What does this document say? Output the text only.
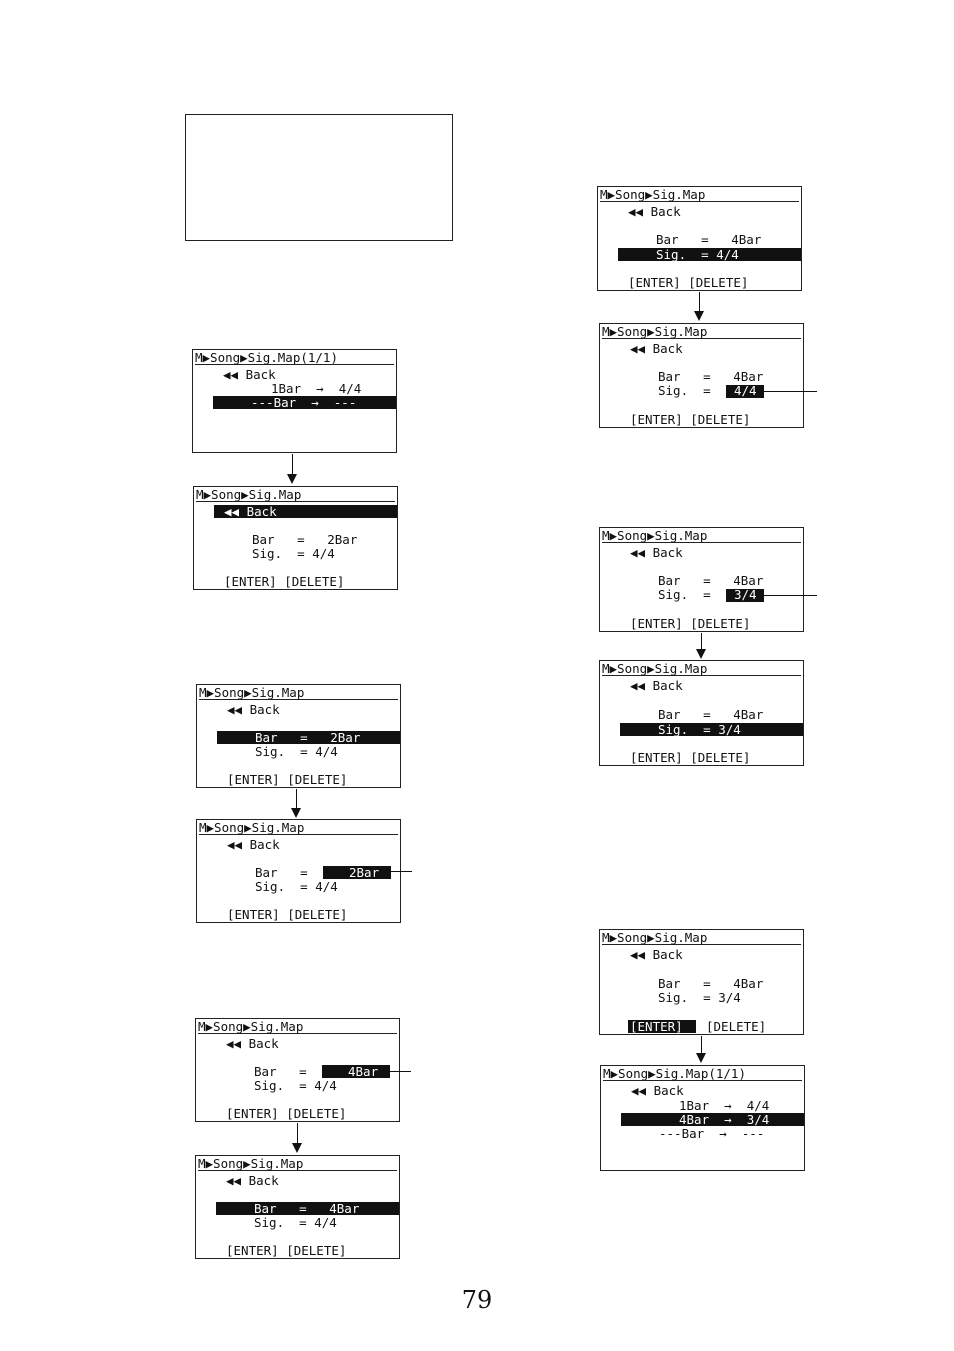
M▶Song▶Sig.Map(1/1)
◀◀ Back
1Bar  →  4/4
---Bar  →  ---
M▶Song▶Sig.Map
◀◀ Back
Bar   =   2Bar
Sig.  = 4/4
[ENTER] [DELETE]
M▶Song▶Sig.Map
◀◀ Back
Bar   =   2Bar
Sig.  = 4/4
[ENTER] [DELETE]
M▶Song▶Sig.Map
◀◀ Back
Bar   =	2Bar
Sig.  = 4/4
[ENTER] [DELETE]
M▶Song▶Sig.Map
◀◀ Back
Bar   =	4Bar
Sig.  = 4/4
[ENTER] [DELETE]
M▶Song▶Sig.Map
◀◀ Back
Bar   =   4Bar
Sig.  = 4/4
[ENTER] [DELETE]
M▶Song▶Sig.Map
◀◀ Back
Bar   =   4Bar
Sig.  = 4/4
[ENTER] [DELETE]
M▶Song▶Sig.Map
◀◀ Back
Bar   =   4Bar
Sig.  = 4/4
[ENTER] [DELETE]
M▶Song▶Sig.Map
◀◀ Back
Bar   =   4Bar
Sig.  = 3/4
[ENTER] [DELETE]
M▶Song▶Sig.Map
◀◀ Back
Bar   =   4Bar
Sig.  = 3/4
[ENTER] [DELETE]
M▶Song▶Sig.Map
◀◀ Back
Bar   =   4Bar
Sig.  = 3/4
[ENTER] [DELETE]
M▶Song▶Sig.Map(1/1)
◀◀ Back
1Bar  →  4/4
4Bar  →  3/4
---Bar  →  ---
79
